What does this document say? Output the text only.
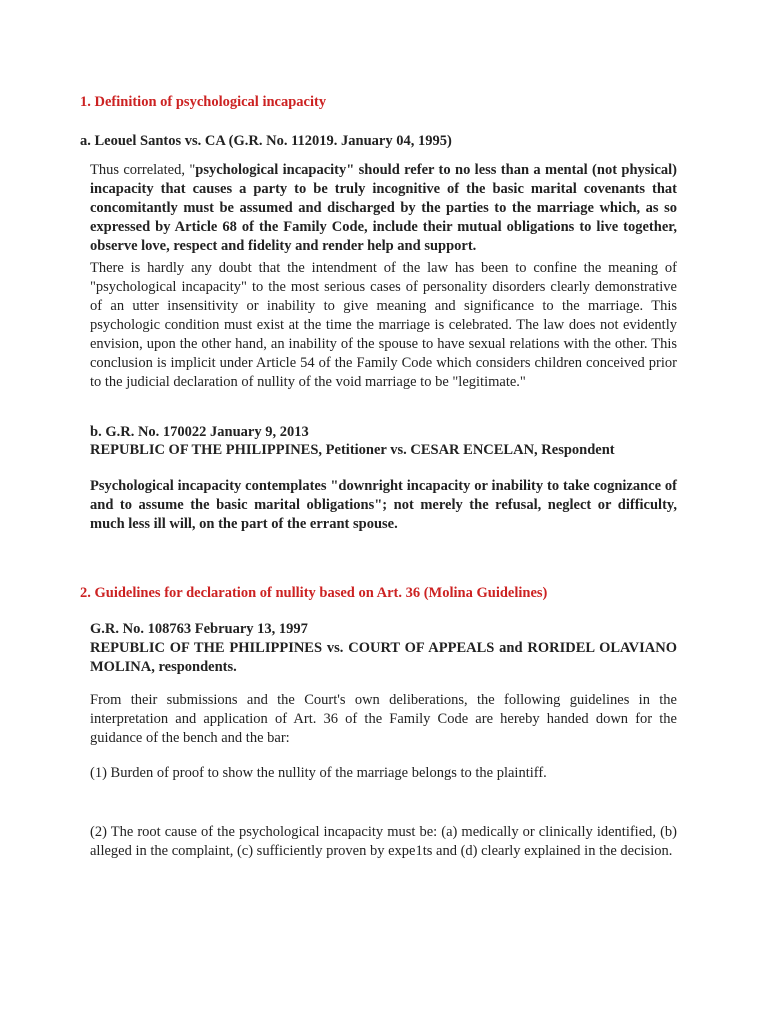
1. Definition of psychological incapacity

a. Leouel Santos vs. CA (G.R. No. 112019. January 04, 1995)

Thus correlated, "psychological incapacity" should refer to no less than a mental (not physical) incapacity that causes a party to be truly incognitive of the basic marital covenants that concomitantly must be assumed and discharged by the parties to the marriage which, as so expressed by Article 68 of the Family Code, include their mutual obligations to live together, observe love, respect and fidelity and render help and support.

There is hardly any doubt that the intendment of the law has been to confine the meaning of "psychological incapacity" to the most serious cases of personality disorders clearly demonstrative of an utter insensitivity or inability to give meaning and significance to the marriage. This psychologic condition must exist at the time the marriage is celebrated. The law does not evidently envision, upon the other hand, an inability of the spouse to have sexual relations with the other. This conclusion is implicit under Article 54 of the Family Code which considers children conceived prior to the judicial declaration of nullity of the void marriage to be "legitimate."

b. G.R. No. 170022 January 9, 2013

REPUBLIC OF THE PHILIPPINES, Petitioner vs. CESAR ENCELAN, Respondent

Psychological incapacity contemplates "downright incapacity or inability to take cognizance of and to assume the basic marital obligations"; not merely the refusal, neglect or difficulty, much less ill will, on the part of the errant spouse.

2. Guidelines for declaration of nullity based on Art. 36 (Molina Guidelines)

G.R. No. 108763 February 13, 1997

REPUBLIC OF THE PHILIPPINES vs. COURT OF APPEALS and RORIDEL OLAVIANO MOLINA, respondents.

From their submissions and the Court's own deliberations, the following guidelines in the interpretation and application of Art. 36 of the Family Code are hereby handed down for the guidance of the bench and the bar:

(1) Burden of proof to show the nullity of the marriage belongs to the plaintiff.

(2) The root cause of the psychological incapacity must be: (a) medically or clinically identified, (b) alleged in the complaint, (c) sufficiently proven by expe1ts and (d) clearly explained in the decision.
